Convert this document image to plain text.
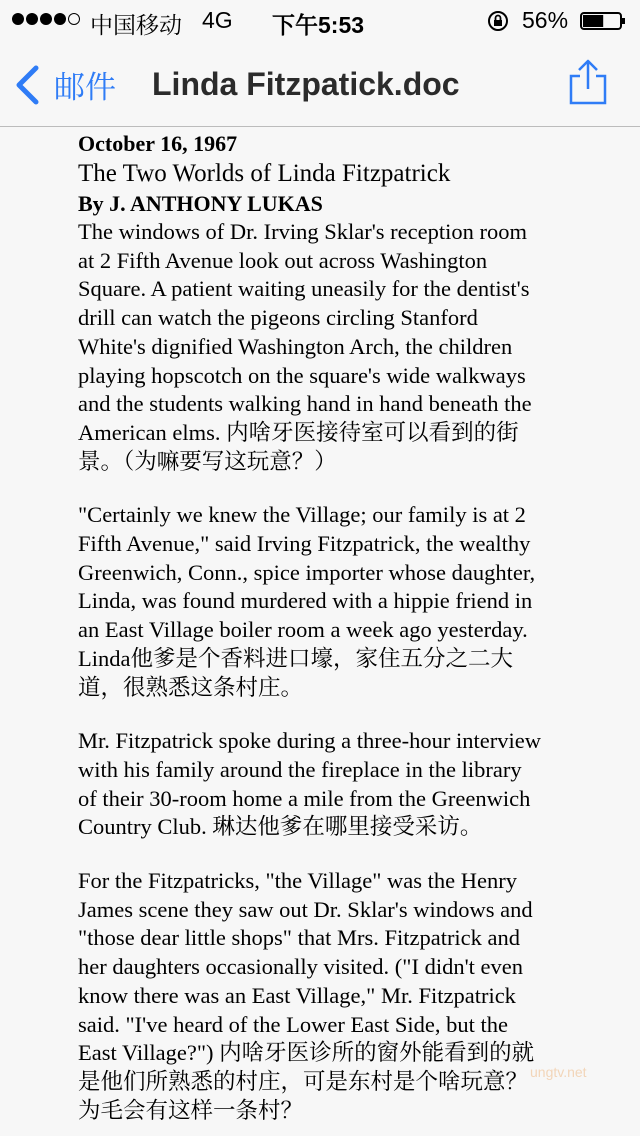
中国移动 4G 下午5:53	56%
邮件 Linda Fitzpatick.doc
October 16, 1967
The Two Worlds of Linda Fitzpatrick
By J. ANTHONY LUKAS

The windows of Dr. Irving Sklar's reception room
at 2 Fifth Avenue look out across Washington
Square. A patient waiting uneasily for the dentist's
drill can watch the pigeons circling Stanford
White's dignified Washington Arch, the children
playing hopscotch on the square's wide walkways
and the students walking hand in hand beneath the
American elms. 内啥牙医接待室可以看到的街
景。（为嘛要写这玩意？）

"Certainly we knew the Village; our family is at 2
Fifth Avenue," said Irving Fitzpatrick, the wealthy
Greenwich, Conn., spice importer whose daughter,
Linda, was found murdered with a hippie friend in
an East Village boiler room a week ago yesterday.
Linda他爹是个香料进口壕，家住五分之二大
道，很熟悉这条村庄。

Mr. Fitzpatrick spoke during a three-hour interview
with his family around the fireplace in the library
of their 30-room home a mile from the Greenwich
Country Club. 琳达他爹在哪里接受采访。

For the Fitzpatricks, "the Village" was the Henry
James scene they saw out Dr. Sklar's windows and
"those dear little shops" that Mrs. Fitzpatrick and
her daughters occasionally visited. ("I didn't even
know there was an East Village," Mr. Fitzpatrick
said. "I've heard of the Lower East Side, but the
East Village?") 内啥牙医诊所的窗外能看到的就
是他们所熟悉的村庄，可是东村是个啥玩意？
为毛会有这样一条村？

ungtv.net
